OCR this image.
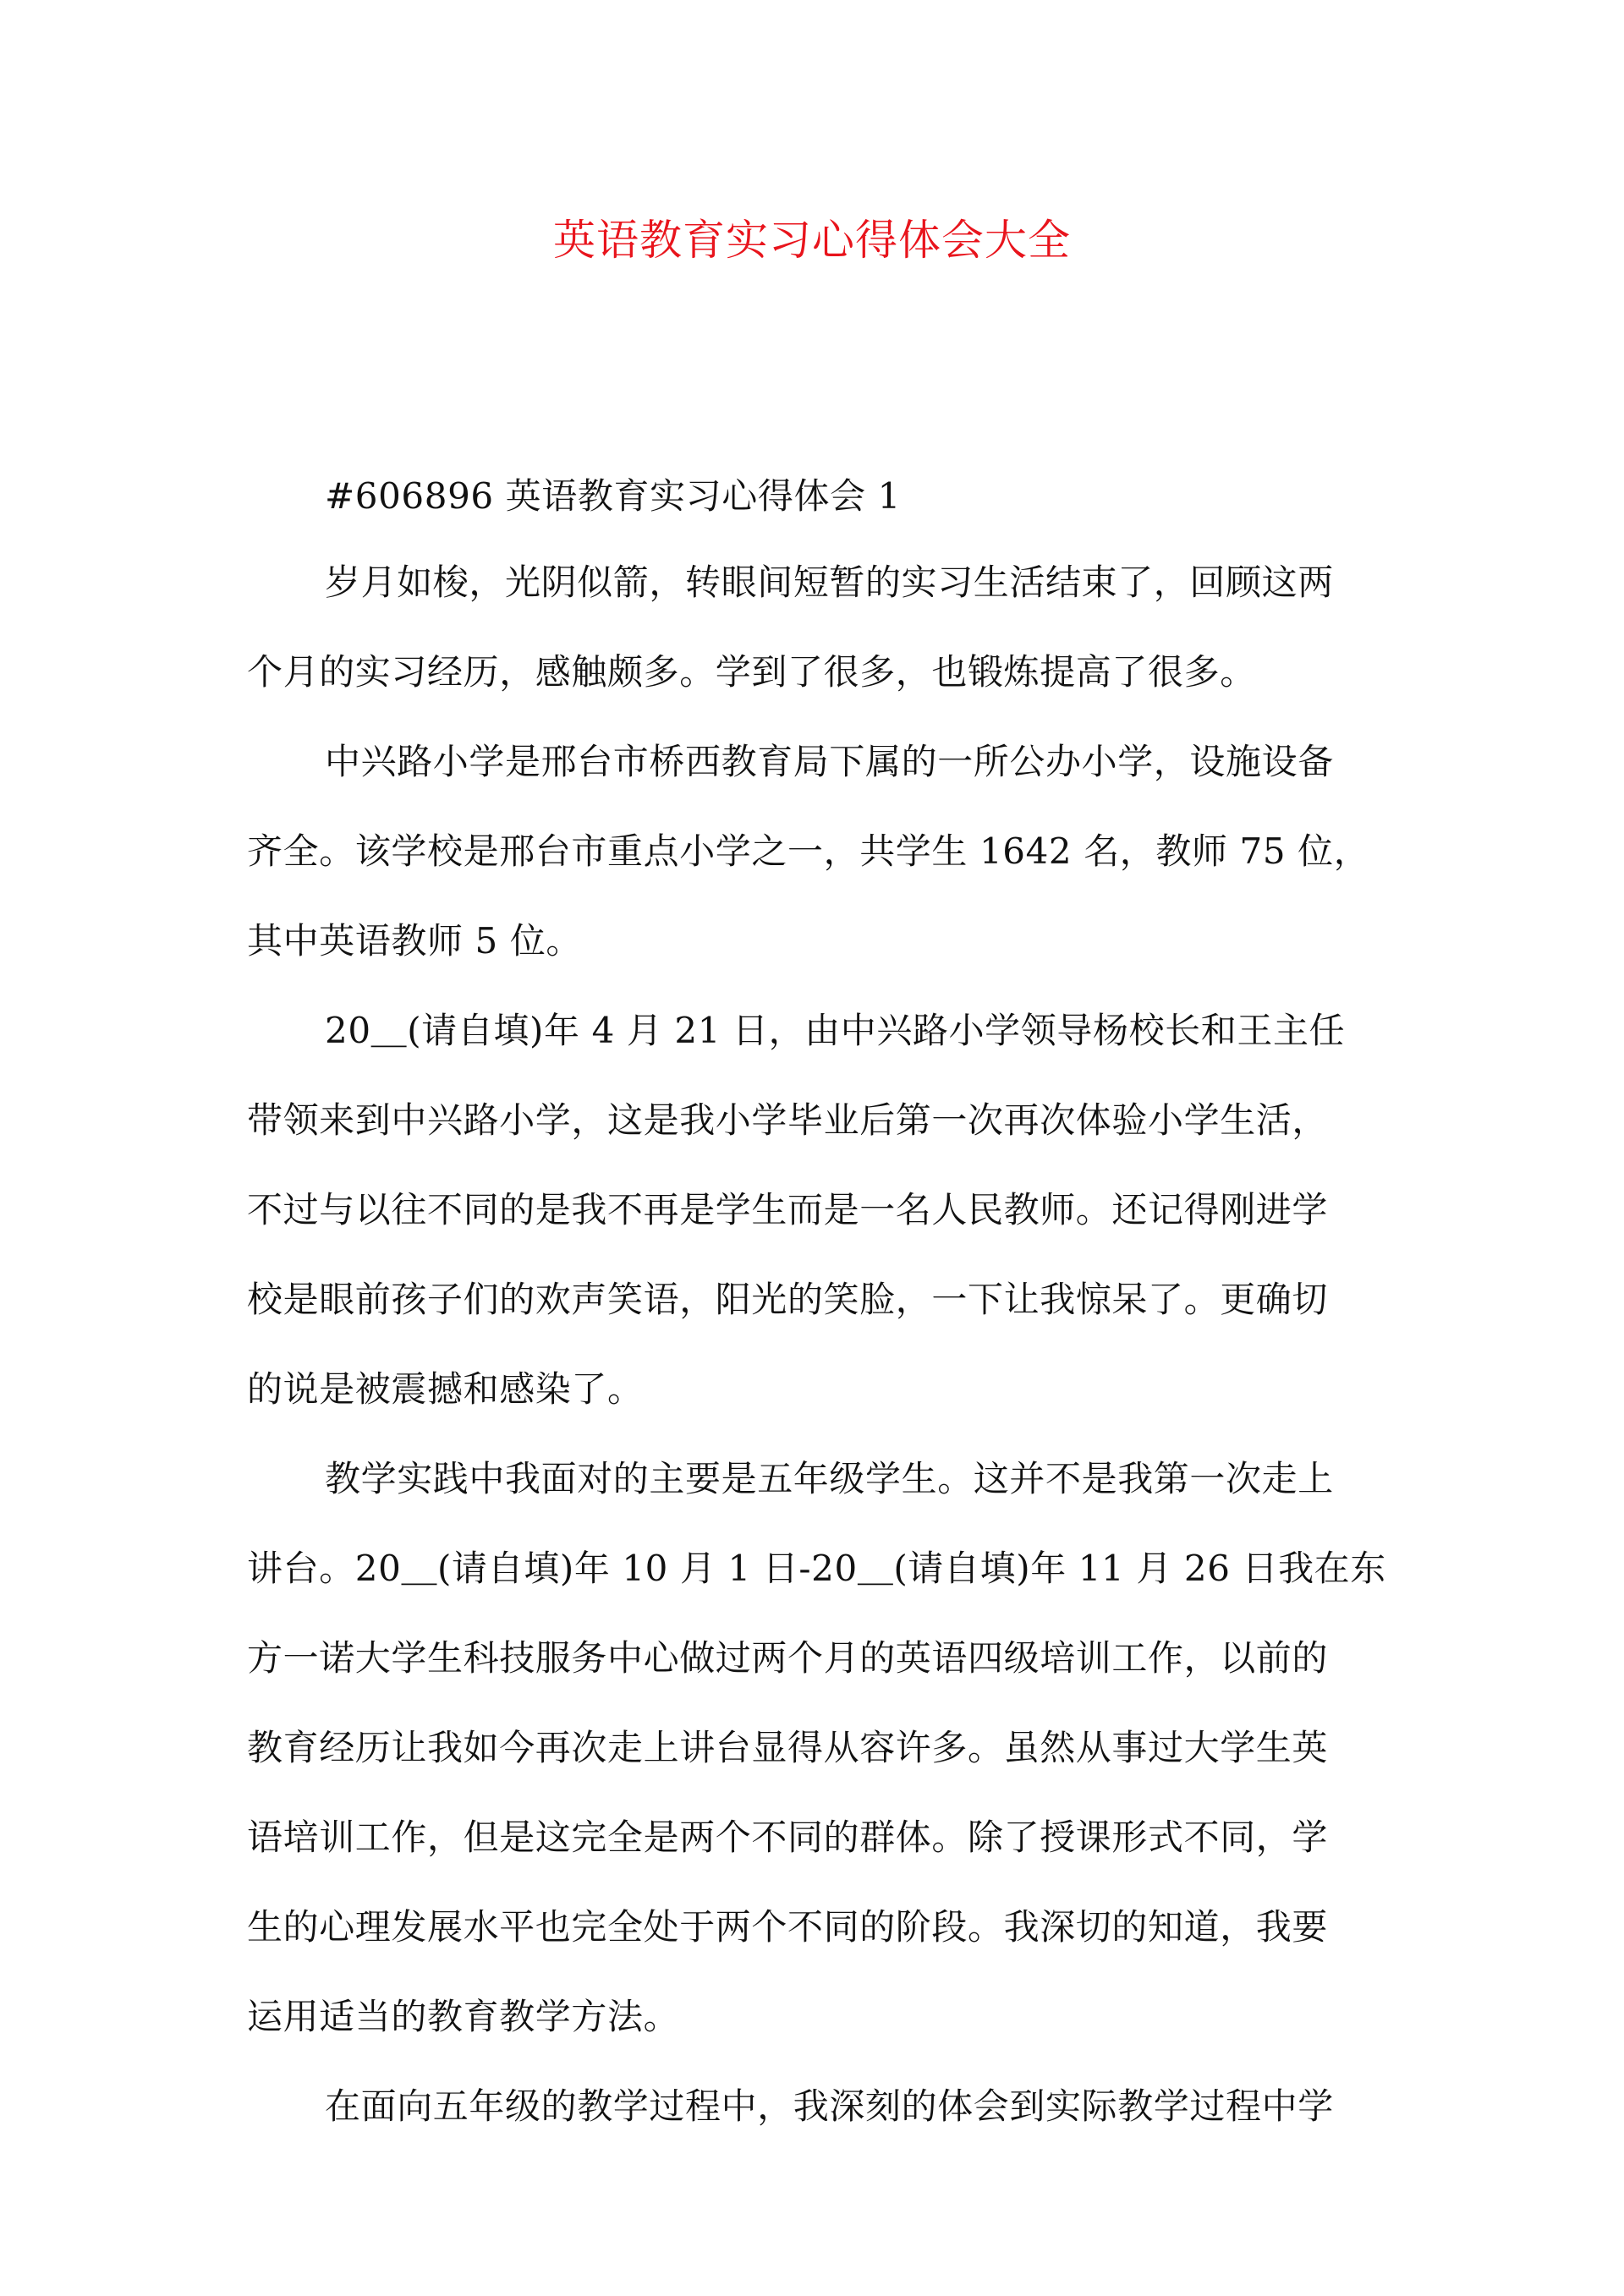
英语教育实习心得体会大全
#606896 英语教育实习心得体会 1
岁月如梭，光阴似箭，转眼间短暂的实习生活结束了，回顾这两
个月的实习经历，感触颇多。学到了很多，也锻炼提高了很多。
中兴路小学是邢台市桥西教育局下属的一所公办小学，设施设备
齐全。该学校是邢台市重点小学之一，共学生 1642 名，教师 75 位，
其中英语教师 5 位。
20＿(请自填)年 4 月 21 日，由中兴路小学领导杨校长和王主任
带领来到中兴路小学，这是我小学毕业后第一次再次体验小学生活，
不过与以往不同的是我不再是学生而是一名人民教师。还记得刚进学
校是眼前孩子们的欢声笑语，阳光的笑脸，一下让我惊呆了。更确切
的说是被震撼和感染了。
教学实践中我面对的主要是五年级学生。这并不是我第一次走上
讲台。20＿(请自填)年 10 月 1 日-20＿(请自填)年 11 月 26 日我在东
方一诺大学生科技服务中心做过两个月的英语四级培训工作，以前的
教育经历让我如今再次走上讲台显得从容许多。虽然从事过大学生英
语培训工作，但是这完全是两个不同的群体。除了授课形式不同，学
生的心理发展水平也完全处于两个不同的阶段。我深切的知道，我要
运用适当的教育教学方法。
在面向五年级的教学过程中，我深刻的体会到实际教学过程中学
